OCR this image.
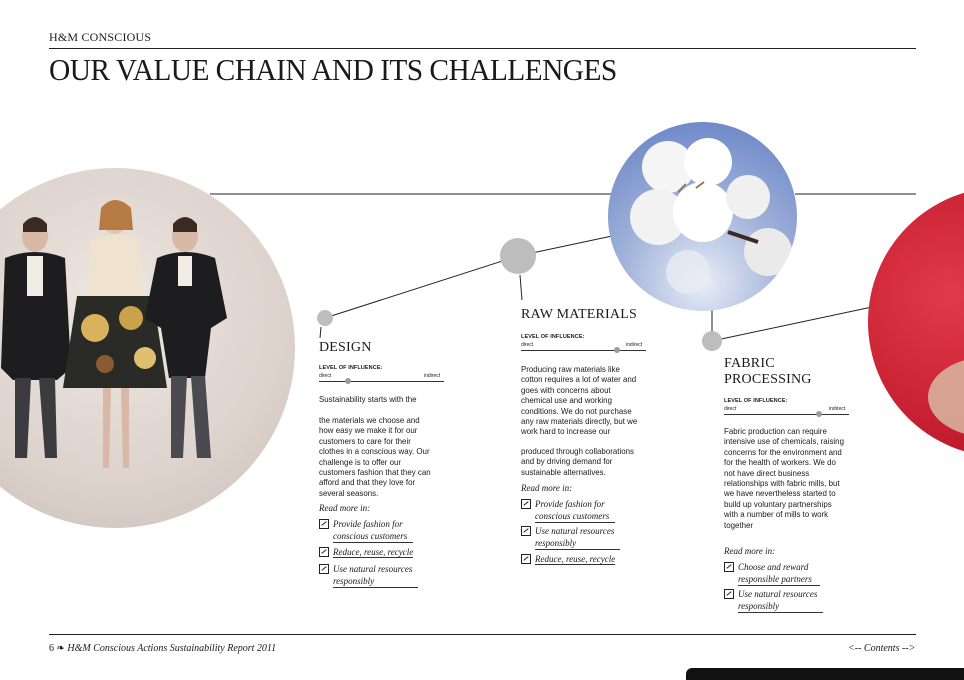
H&M CONSCIOUS
OUR VALUE CHAIN AND ITS CHALLENGES
DESIGN
LEVEL OF INFLUENCE:
direct	indirect
Sustainability starts with the
the materials we choose and how easy we make it for our customers to care for their clothes in a conscious way. Our challenge is to offer our customers fashion that they can afford and that they love for several seasons.
Read more in:
Provide fashion for conscious customers
Reduce, reuse, recycle
Use natural resources responsibly
RAW MATERIALS
LEVEL OF INFLUENCE:
direct	indirect
Producing raw materials like cotton requires a lot of water and goes with concerns about chemical use and working conditions. We do not purchase any raw materials directly, but we work hard to increase our
produced through collaborations and by driving demand for sustainable alternatives.
Read more in:
Provide fashion for conscious customers
Use natural resources responsibly
Reduce, reuse, recycle
FABRIC
PROCESSING
LEVEL OF INFLUENCE:
direct	indirect
Fabric production can require intensive use of chemicals, raising concerns for the environment and for the health of workers. We do not have direct business relationships with fabric mills, but we have nevertheless started to build up voluntary partnerships with a number of mills to work together
Read more in:
Choose and reward responsible partners
Use natural resources responsibly
6 ❧ H&M Conscious Actions Sustainability Report 2011	<-- Contents -->
